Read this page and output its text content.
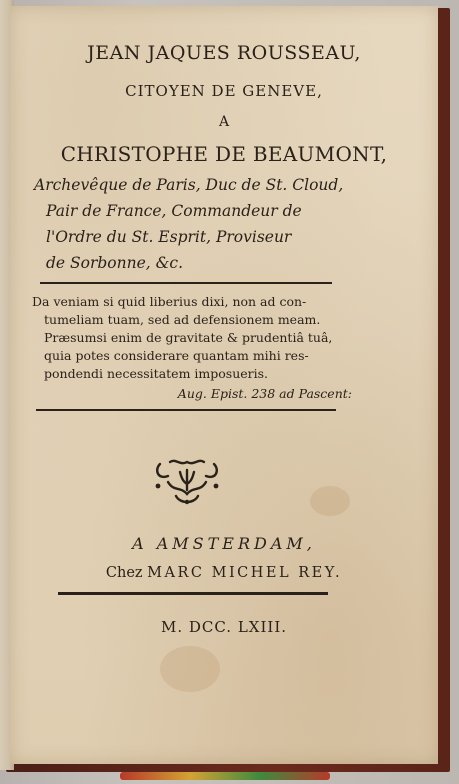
JEAN JAQUES ROUSSEAU,
CITOYEN DE GENEVE,
A
CHRISTOPHE DE BEAUMONT,
Archevêque de Paris, Duc de St. Cloud,
Pair de France, Commandeur de
l'Ordre du St. Esprit, Proviseur
de Sorbonne, &c.
Da veniam si quid liberius dixi, non ad con-
tumeliam tuam, sed ad defensionem meam.
Præsumsi enim de gravitate & prudentiâ tuâ,
quia potes considerare quantam mihi res-
pondendi necessitatem imposueris.
Aug. Epist. 238 ad Pascent:
A AMSTERDAM,
Chez MARC MICHEL REY.
M. DCC. LXIII.
